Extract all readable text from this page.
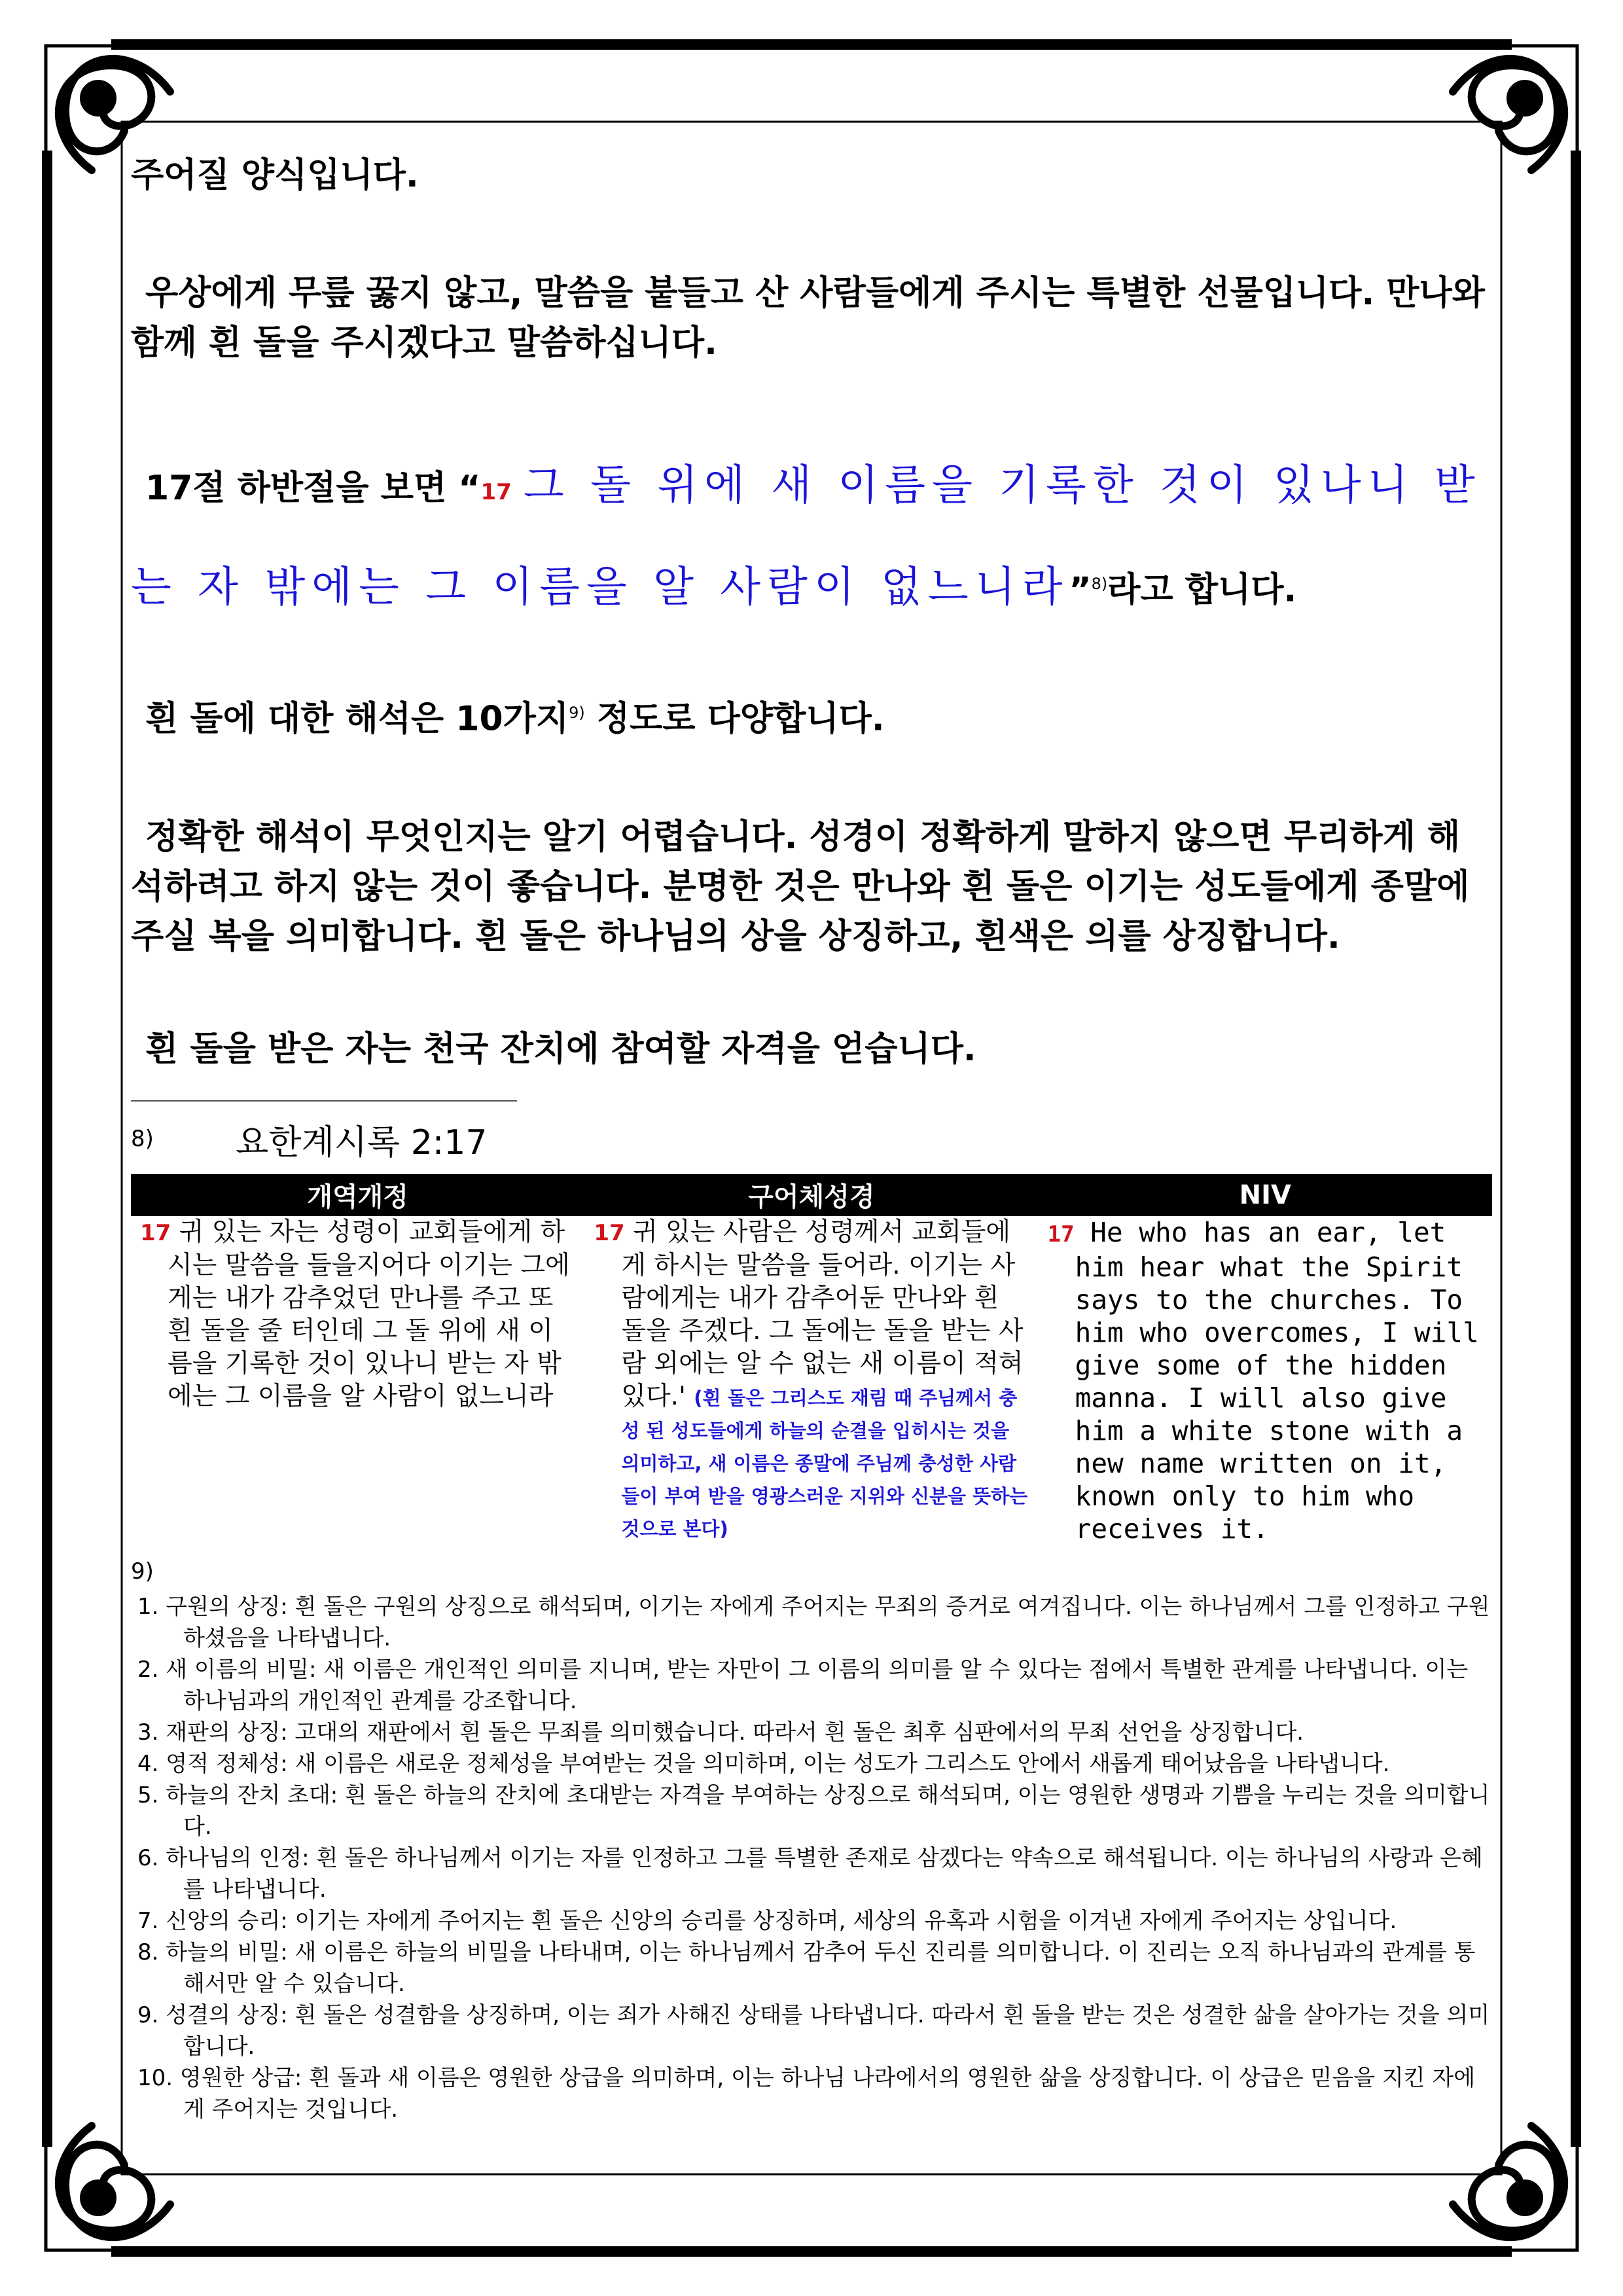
주어질 양식입니다.

우상에게 무릎 꿇지 않고, 말씀을 붙들고 산 사람들에게 주시는 특별한 선물입니다. 만나와 함께 흰 돌을 주시겠다고 말씀하십니다.

17절 하반절을 보면 “17 그 돌 위에 새 이름을 기록한 것이 있나니 받는 자 밖에는 그 이름을 알 사람이 없느니라”$^{8)}$라고 합니다.

흰 돌에 대한 해석은 10가지$^{9)}$ 정도로 다양합니다.

정확한 해석이 무엇인지는 알기 어렵습니다. 성경이 정확하게 말하지 않으면 무리하게 해석하려고 하지 않는 것이 좋습니다. 분명한 것은 만나와 흰 돌은 이기는 성도들에게 종말에 주실 복을 의미합니다. 흰 돌은 하나님의 상을 상징하고, 흰색은 의를 상징합니다.

흰 돌을 받은 자는 천국 잔치에 참여할 자격을 얻습니다.

8)	요한계시록 2:17
개역개정	구어체성경	NIV
17 귀 있는 자는 성령이 교회들에게 하시는 말씀을 들을지어다 이기는 그에게는 내가 감추었던 만나를 주고 또 흰 돌을 줄 터인데 그 돌 위에 새 이름을 기록한 것이 있나니 받는 자 밖에는 그 이름을 알 사람이 없느니라
17 귀 있는 사람은 성령께서 교회들에게 하시는 말씀을 들어라. 이기는 사람에게는 내가 감추어둔 만나와 흰 돌을 주겠다. 그 돌에는 돌을 받는 사람 외에는 알 수 없는 새 이름이 적혀있다.' (흰 돌은 그리스도 재림 때 주님께서 충성 된 성도들에게 하늘의 순결을 입히시는 것을 의미하고, 새 이름은 종말에 주님께 충성한 사람들이 부여 받을 영광스러운 지위와 신분을 뜻하는 것으로 본다)
17 He who has an ear, let him hear what the Spirit says to the churches. To him who overcomes, I will give some of the hidden manna. I will also give him a white stone with a new name written on it, known only to him who receives it.
9)
1. 구원의 상징: 흰 돌은 구원의 상징으로 해석되며, 이기는 자에게 주어지는 무죄의 증거로 여겨집니다. 이는 하나님께서 그를 인정하고 구원하셨음을 나타냅니다.
2. 새 이름의 비밀: 새 이름은 개인적인 의미를 지니며, 받는 자만이 그 이름의 의미를 알 수 있다는 점에서 특별한 관계를 나타냅니다. 이는 하나님과의 개인적인 관계를 강조합니다.
3. 재판의 상징: 고대의 재판에서 흰 돌은 무죄를 의미했습니다. 따라서 흰 돌은 최후 심판에서의 무죄 선언을 상징합니다.
4. 영적 정체성: 새 이름은 새로운 정체성을 부여받는 것을 의미하며, 이는 성도가 그리스도 안에서 새롭게 태어났음을 나타냅니다.
5. 하늘의 잔치 초대: 흰 돌은 하늘의 잔치에 초대받는 자격을 부여하는 상징으로 해석되며, 이는 영원한 생명과 기쁨을 누리는 것을 의미합니다.
6. 하나님의 인정: 흰 돌은 하나님께서 이기는 자를 인정하고 그를 특별한 존재로 삼겠다는 약속으로 해석됩니다. 이는 하나님의 사랑과 은혜를 나타냅니다.
7. 신앙의 승리: 이기는 자에게 주어지는 흰 돌은 신앙의 승리를 상징하며, 세상의 유혹과 시험을 이겨낸 자에게 주어지는 상입니다.
8. 하늘의 비밀: 새 이름은 하늘의 비밀을 나타내며, 이는 하나님께서 감추어 두신 진리를 의미합니다. 이 진리는 오직 하나님과의 관계를 통해서만 알 수 있습니다.
9. 성결의 상징: 흰 돌은 성결함을 상징하며, 이는 죄가 사해진 상태를 나타냅니다. 따라서 흰 돌을 받는 것은 성결한 삶을 살아가는 것을 의미합니다.
10. 영원한 상급: 흰 돌과 새 이름은 영원한 상급을 의미하며, 이는 하나님 나라에서의 영원한 삶을 상징합니다. 이 상급은 믿음을 지킨 자에게 주어지는 것입니다.
